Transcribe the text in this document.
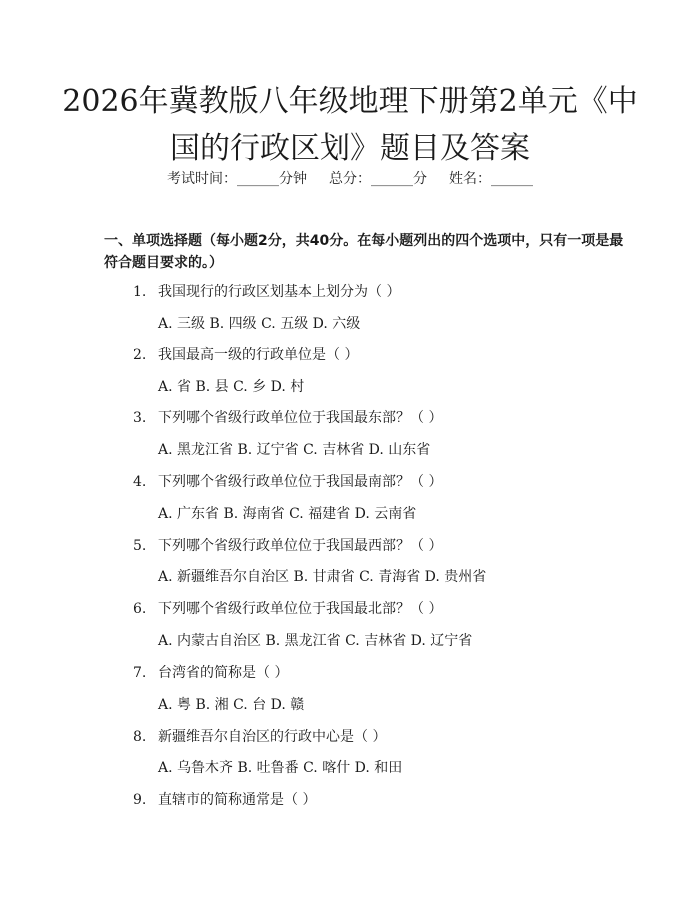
2026年冀教版八年级地理下册第2单元《中国的行政区划》题目及答案
考试时间：______分钟 总分：______分 姓名：______
一、单项选择题（每小题2分，共40分。在每小题列出的四个选项中，只有一项是最符合题目要求的。）
1. 我国现行的行政区划基本上划分为（ ）
A. 三级 B. 四级 C. 五级 D. 六级
2. 我国最高一级的行政单位是（ ）
A. 省 B. 县 C. 乡 D. 村
3. 下列哪个省级行政单位位于我国最东部？（ ）
A. 黑龙江省 B. 辽宁省 C. 吉林省 D. 山东省
4. 下列哪个省级行政单位位于我国最南部？（ ）
A. 广东省 B. 海南省 C. 福建省 D. 云南省
5. 下列哪个省级行政单位位于我国最西部？（ ）
A. 新疆维吾尔自治区 B. 甘肃省 C. 青海省 D. 贵州省
6. 下列哪个省级行政单位位于我国最北部？（ ）
A. 内蒙古自治区 B. 黑龙江省 C. 吉林省 D. 辽宁省
7. 台湾省的简称是（ ）
A. 粤 B. 湘 C. 台 D. 赣
8. 新疆维吾尔自治区的行政中心是（ ）
A. 乌鲁木齐 B. 吐鲁番 C. 喀什 D. 和田
9. 直辖市的简称通常是（ ）
